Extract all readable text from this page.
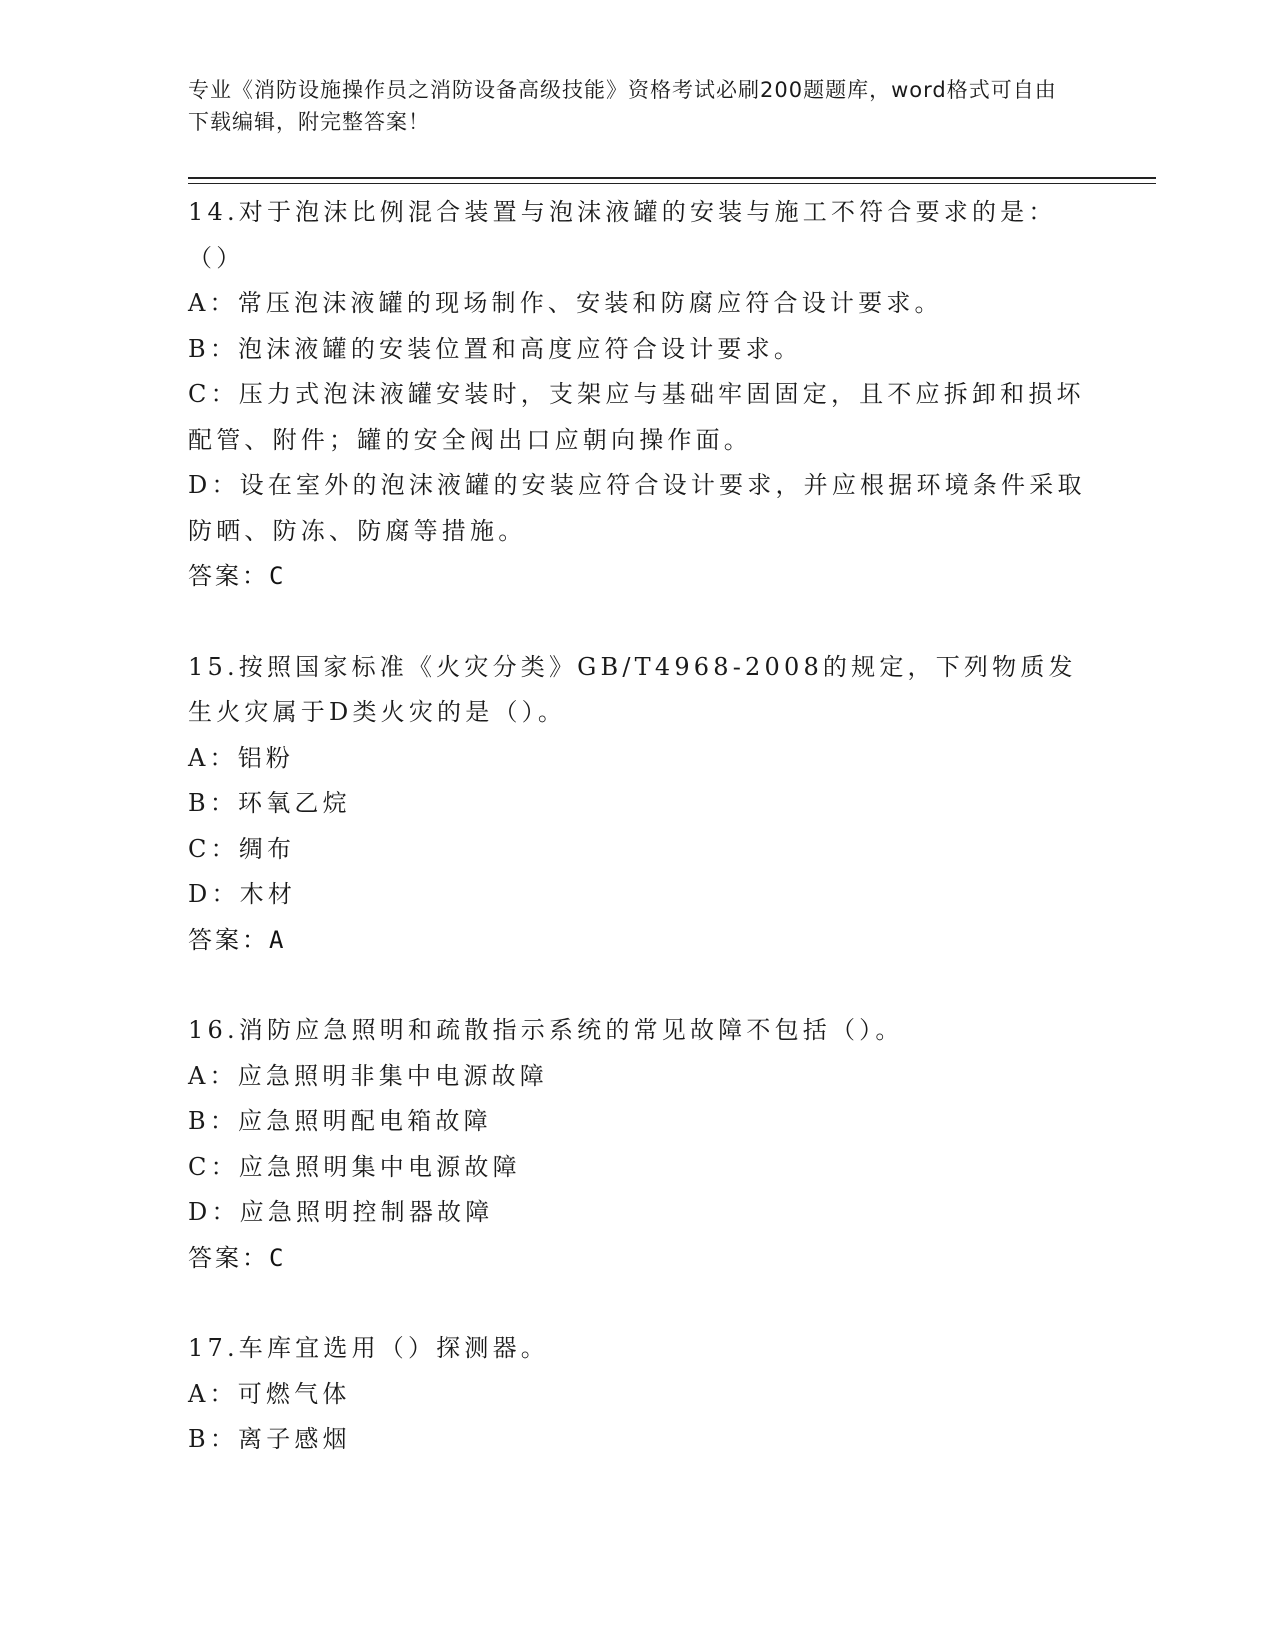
专业《消防设施操作员之消防设备高级技能》资格考试必刷200题题库，word格式可自由下载编辑，附完整答案！
14.对于泡沫比例混合装置与泡沫液罐的安装与施工不符合要求的是：（）
A：常压泡沫液罐的现场制作、安装和防腐应符合设计要求。
B：泡沫液罐的安装位置和高度应符合设计要求。
C：压力式泡沫液罐安装时，支架应与基础牢固固定，且不应拆卸和损坏配管、附件；罐的安全阀出口应朝向操作面。
D：设在室外的泡沫液罐的安装应符合设计要求，并应根据环境条件采取防晒、防冻、防腐等措施。
答案：C
15.按照国家标准《火灾分类》GB/T4968-2008的规定，下列物质发生火灾属于D类火灾的是（）。
A：铝粉
B：环氧乙烷
C：绸布
D：木材
答案：A
16.消防应急照明和疏散指示系统的常见故障不包括（）。
A：应急照明非集中电源故障
B：应急照明配电箱故障
C：应急照明集中电源故障
D：应急照明控制器故障
答案：C
17.车库宜选用（）探测器。
A：可燃气体
B：离子感烟
